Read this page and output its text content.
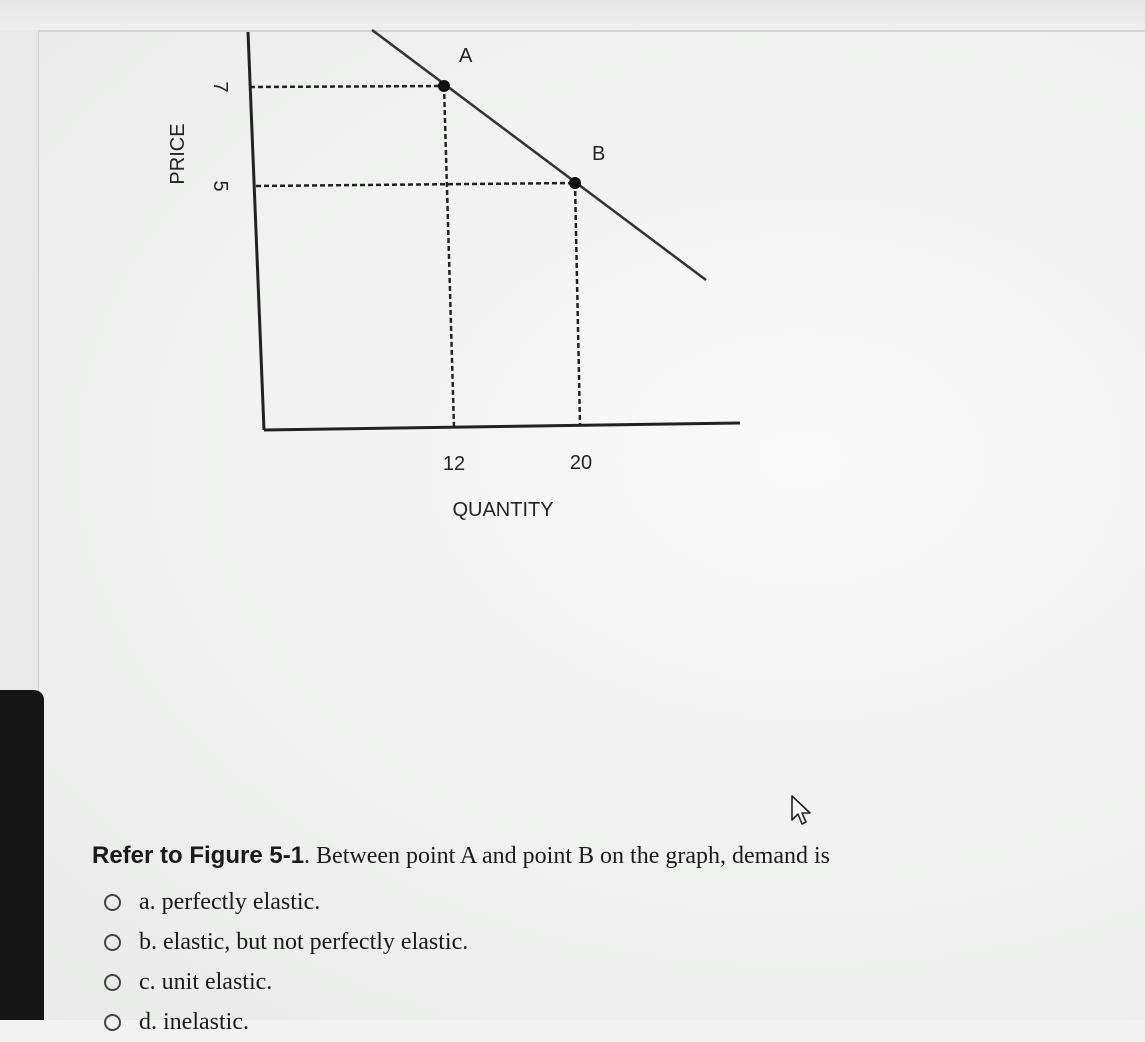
A
B
7
5
PRICE
12	20
QUANTITY
Refer to Figure 5-1. Between point A and point B on the graph, demand is
a. perfectly elastic.
b. elastic, but not perfectly elastic.
c. unit elastic.
d. inelastic.
